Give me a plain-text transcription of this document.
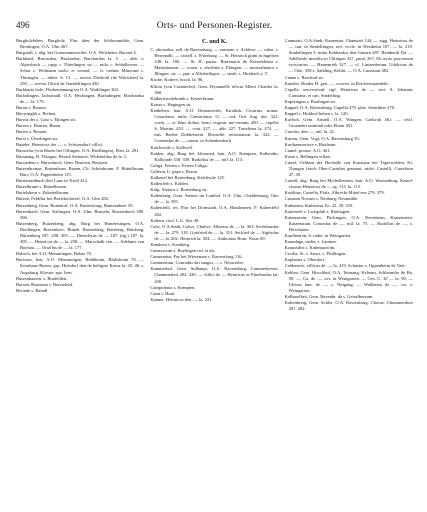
496	Orts- und Personen-Register.

Burgholzleben, Burgholz. Flur über der Schlossmühle, Gem. Breitingen, O.A. Ulm 467.

Burgstall, f. abg. bei Gossmannsweiler, O.A. Welzheim, Burstal 4.

Burkhard, Burcardus, Burkardus, Burchardus la. 5. — abb. v. Alpirsbach. — capp. c. Thierlingen. str. — mila. c. Seldelhoven. — Schar c. Wolmann mohi. et conrad. — fr. ordinis Minorum c. Thiringen. — miles. 6. 13. — servus Diethold (de Wittichen) la. 250. — servus Ulrich de Gundelfingen 430.

Burkhartz hole, Flurbenennung im O.A. Waiblinger 302.

Burladingen, lachsmadl. O.A. Hechingen, Burladingen; Eberhardus de — la. 179.

Buron s. Beuren.

Büvwingkh s. Bichen.

Burrus der s. Cato s. Ehingen str.

Burren s. Beuren, Büren.

Burres s. Beuren.

Burst s. Überlingen str.

Busehe, Heinricus der —, s. Schwendorf villici.

Busserfar (von Busen bei Offingen, O.A. Riedlingen), Eber. la. 291.

Bussnang, B. Thurgau. Bezirk Steinach; Wideholdus de la. 1.

Burstedem s. Bürschtoch. Gem. Beutzen, Beutzen.

Butzenbronne, Butzenborn, Buzen, Ch. Schönbronn, F. Büttelbronn, Bürr, O.A. Pappenheim 115.

Butterstadtbach (bei Lanz in Tirol) 412.

Butzelbrune s. Bützelbronn.

Buttelsborn s. Zubettelbrunn.

Butzen, Feldflur bei Bezirkschweil, O.A. Ulm 282.

Butzenberg, Gem. Bonndorf, O.A. Ravensburg, Buntzenbeer 50.

Butzenbach, Gem. Stiftingen, O.A. Ulm, Buzzebr, Buzzenbuch 388. 396.

Butzenberg, Butzenberg, abg. Burg bei Hundersingen, O.A. Riedlingen, Buwenberc, Buneb. Butzenberg, Butzberg, Bulsberg, Büttenberg 187. 298. 305. — Dieterlerus de — 187. (ng.) 187. la. 305. — Heinricus de — la. 298. — Marschalk von —, Adelanis von Buchau. — Ortolfus de — la. 177.

Bubsch, bei A.O. Memmingen, Bubas 70.

Buchorn, betr. A.O. Memmingen, Böbbheim, Biblisheim 70. — Kornhaus-Butow, grp. Holzdorf den de heiligste Kreuz la. 45. 46. s. Augsburg. Kloster, spa. Isen.

Butzenhauenr. s. Bonfelden.

Bursen, Bussoma s. Beisseloid.

Bwinde s. Baindl.

C. und K.

C. altorsalus, zell. de Ravensburg. — eumene. s. Ackleve. — calen. s. Herrenalb. — castell. s. Würzburg. — St. Heinrich gräm in Ingelsen 148. la. 180. — St. H. pastor. Burrenaria de Keizersheim s. Mainshausen. — scaen. s. oberlinis s. Ehingen. — mineralinator s. Illingen. cir. — ppe. a Allerheiligen. — steuh. s. Hirzbach s. T.

Kache, Kotterv, brsch. la. 96.

Kiloin (von Conmeclei), Gem. Dynamelle relicta Albert Chanler la. 368.

Kälberfrischekrank s. Ketzerbrunn.

Kaiser s. Hagingen str.

Kanbehen, bair. A.O. Donauwörth, Kirahisk. Cesarius, minor. Cesariense, milis. Caesariense. O. — ord. Ord. Aug. doc. 322. coela. — st. flem. dolius. hono. virginit. me-vinium. 450. — capella S. Martini. 451. — cont. 227. — abb. 327. Tratelions la. 474. — mis. Berthe Dobbelstein. Mosselle. reformation. la. 322. — Coenradus de —, canon. in Schenkenborh.

Kalchweile s. Kallwell.

Kalden, abg. Burg bei Altenried, bair. A.O. Kempten, Kallendin, Kalloinde 338. 339. Rudolfus de —, mil. la. 113.

Caliga, Fernea s. Ferrea Caliga.

Callerus U. papa s. Roma.

Kalkenel bei Rottenburg, Kalchwile 125.

Kallenfeib s. Kalden.

Kalp, Aletous s. Rottenburg str.

Kaltenberg, Gem. Stetten im Lonthal, O.A. Ulm, Chaldenburg, Otto de — la. 395.

Kaltenfeld, ies. Flur bei Dornstadt, O.A. Blaubeuren, F. Kaltenfeld 402.

Kaltern, tirol. L.G. Sitz 49.

Calw, O.A.Stadt, Calwe, Chalwe, Albertus de — la. 363. Sechshardus de — la. 279. 318. Gottfried de — la. 351. Seifried de — Sigfridus de — la. 202. Heinrich la. 354. — Anthonius Brun. Notar 69.

Kambera s. Kemberg.

Cameracum s. Bozlingen tsd. et als.

Camerarius, Fur bei Wiesensee s. Ravensburg 116.

Caminestum, Conradus dai suagos — s. Neuweiler.

Kammerhof, Gem. Sulbaupt, O.A. Ravensburg, Cammerhoven, Chammerhof 202. 430. — villici de — Heinricus et Eberhardus lat. 430.

Campidonia s. Kempten.

Cann s. Hunt.

Kanner, Heinricus den —, la. 231.

Cannstatt, O.A.Stadt; Kanenstat, Chanstatt 144. — sigg. Heinricus de — can. in Sindelfingen, rect. eccle. in Westheim 187. — la. 210. Sindelfingen 3. minx Kekhardus den Grauen 287. Reinhardi Da. — Adelheide moniliu in Chlingen 327. parof 267; Eli uxiio pouvuvum swiscurtus. — Hamenriek 327. — cf. Lintzenbrunn. Udalricus de — Otto. 358 s. Sädding, Köhln. — O.A. Cannstatt 482.

Canne s. Brachsal str.

Kanzler, Bruder H. gen. —, couvez. in Reichenstrandeln.

Capella, zeuvwotaid: sigf. Heinricus de —, rect. S. Johannis Constanz. et can. Sindelfing.

Kapfsingen s. Bozlingen str.

Kappel, O.A. Ravensburg, Capella 479. phiv. Steinlitter 470.

Kappel s. Holdorf-hohen s. la. 120.

Karlsch, Gem. Anstell, O.A. Wangen, Carlsruh 461. — civil. Groenebir nominal oder Eltem 491.

Carolus, den —, mil. la. 21.

Karren, Gem. Vogt, O.A. Ravensburg 50.

Karthaeuserisce s. Buxheim.

Camel, proase, A.O. 461.

Kaste s. Bellingen villazi.

Castel, Ochlans der Hochalle von Konstanz bei Tägerwolden, Kt. Thurgau (noch Ober-Castelan genannt, nicht: Castell), Castelium 47. 49.

Castell, abg. Burg bei Michelbeuern, bair. A.O. Wassenburg, Kastel: cisosse Heinricus de — sg. 113. la. 113.

Kastlitus, Castella, Pfalz, Albrecht Mittel-ten 279. 379.

Castrum Novum s. Neuburg; Neumühle.

Katharina, Katherina, Kr. 22. 29. 310.

Katterzeli s. Lwizpfalt s. Rinthagen.

Katzenstein, Gem. Pückingen, O.A. Neresheim, Katzenstein. Katzenstain. Conradus de —, mil. la. 75. — Rudolfus de —, s. Hirschaien.

Kaufbeuren, S. rader, in Weingarten.

Kaundage, ueder, s. Lautnes.

Kaaussthis s. Kathmaracim.

Cecilia, St. s. Sanct, s. Pfullingen.

Kaplatina s. Oberdorf.

Celdentvie, villicus de —, la. 419. Schuster s. Oppenheim de Vale.

Kehlen, Gem. Hirschbul, O.A. Tettnang, Keleum, Schleumfie de Ha. 90. —, Ca. de —, cov. in Weingarten. — Ges. C. 10 — la. 90. — Ulricus lam. de —, s. Nitigang. — Waltherus de —, cor. s. Weingarten.

Kelhaselhrit, Gem. Ravenbr. da s. Geiselbereum.

Kaltenbrerg, Gem. Schler, O.A. Ravensburg, Chorus, Chommerdure 281. 282.
